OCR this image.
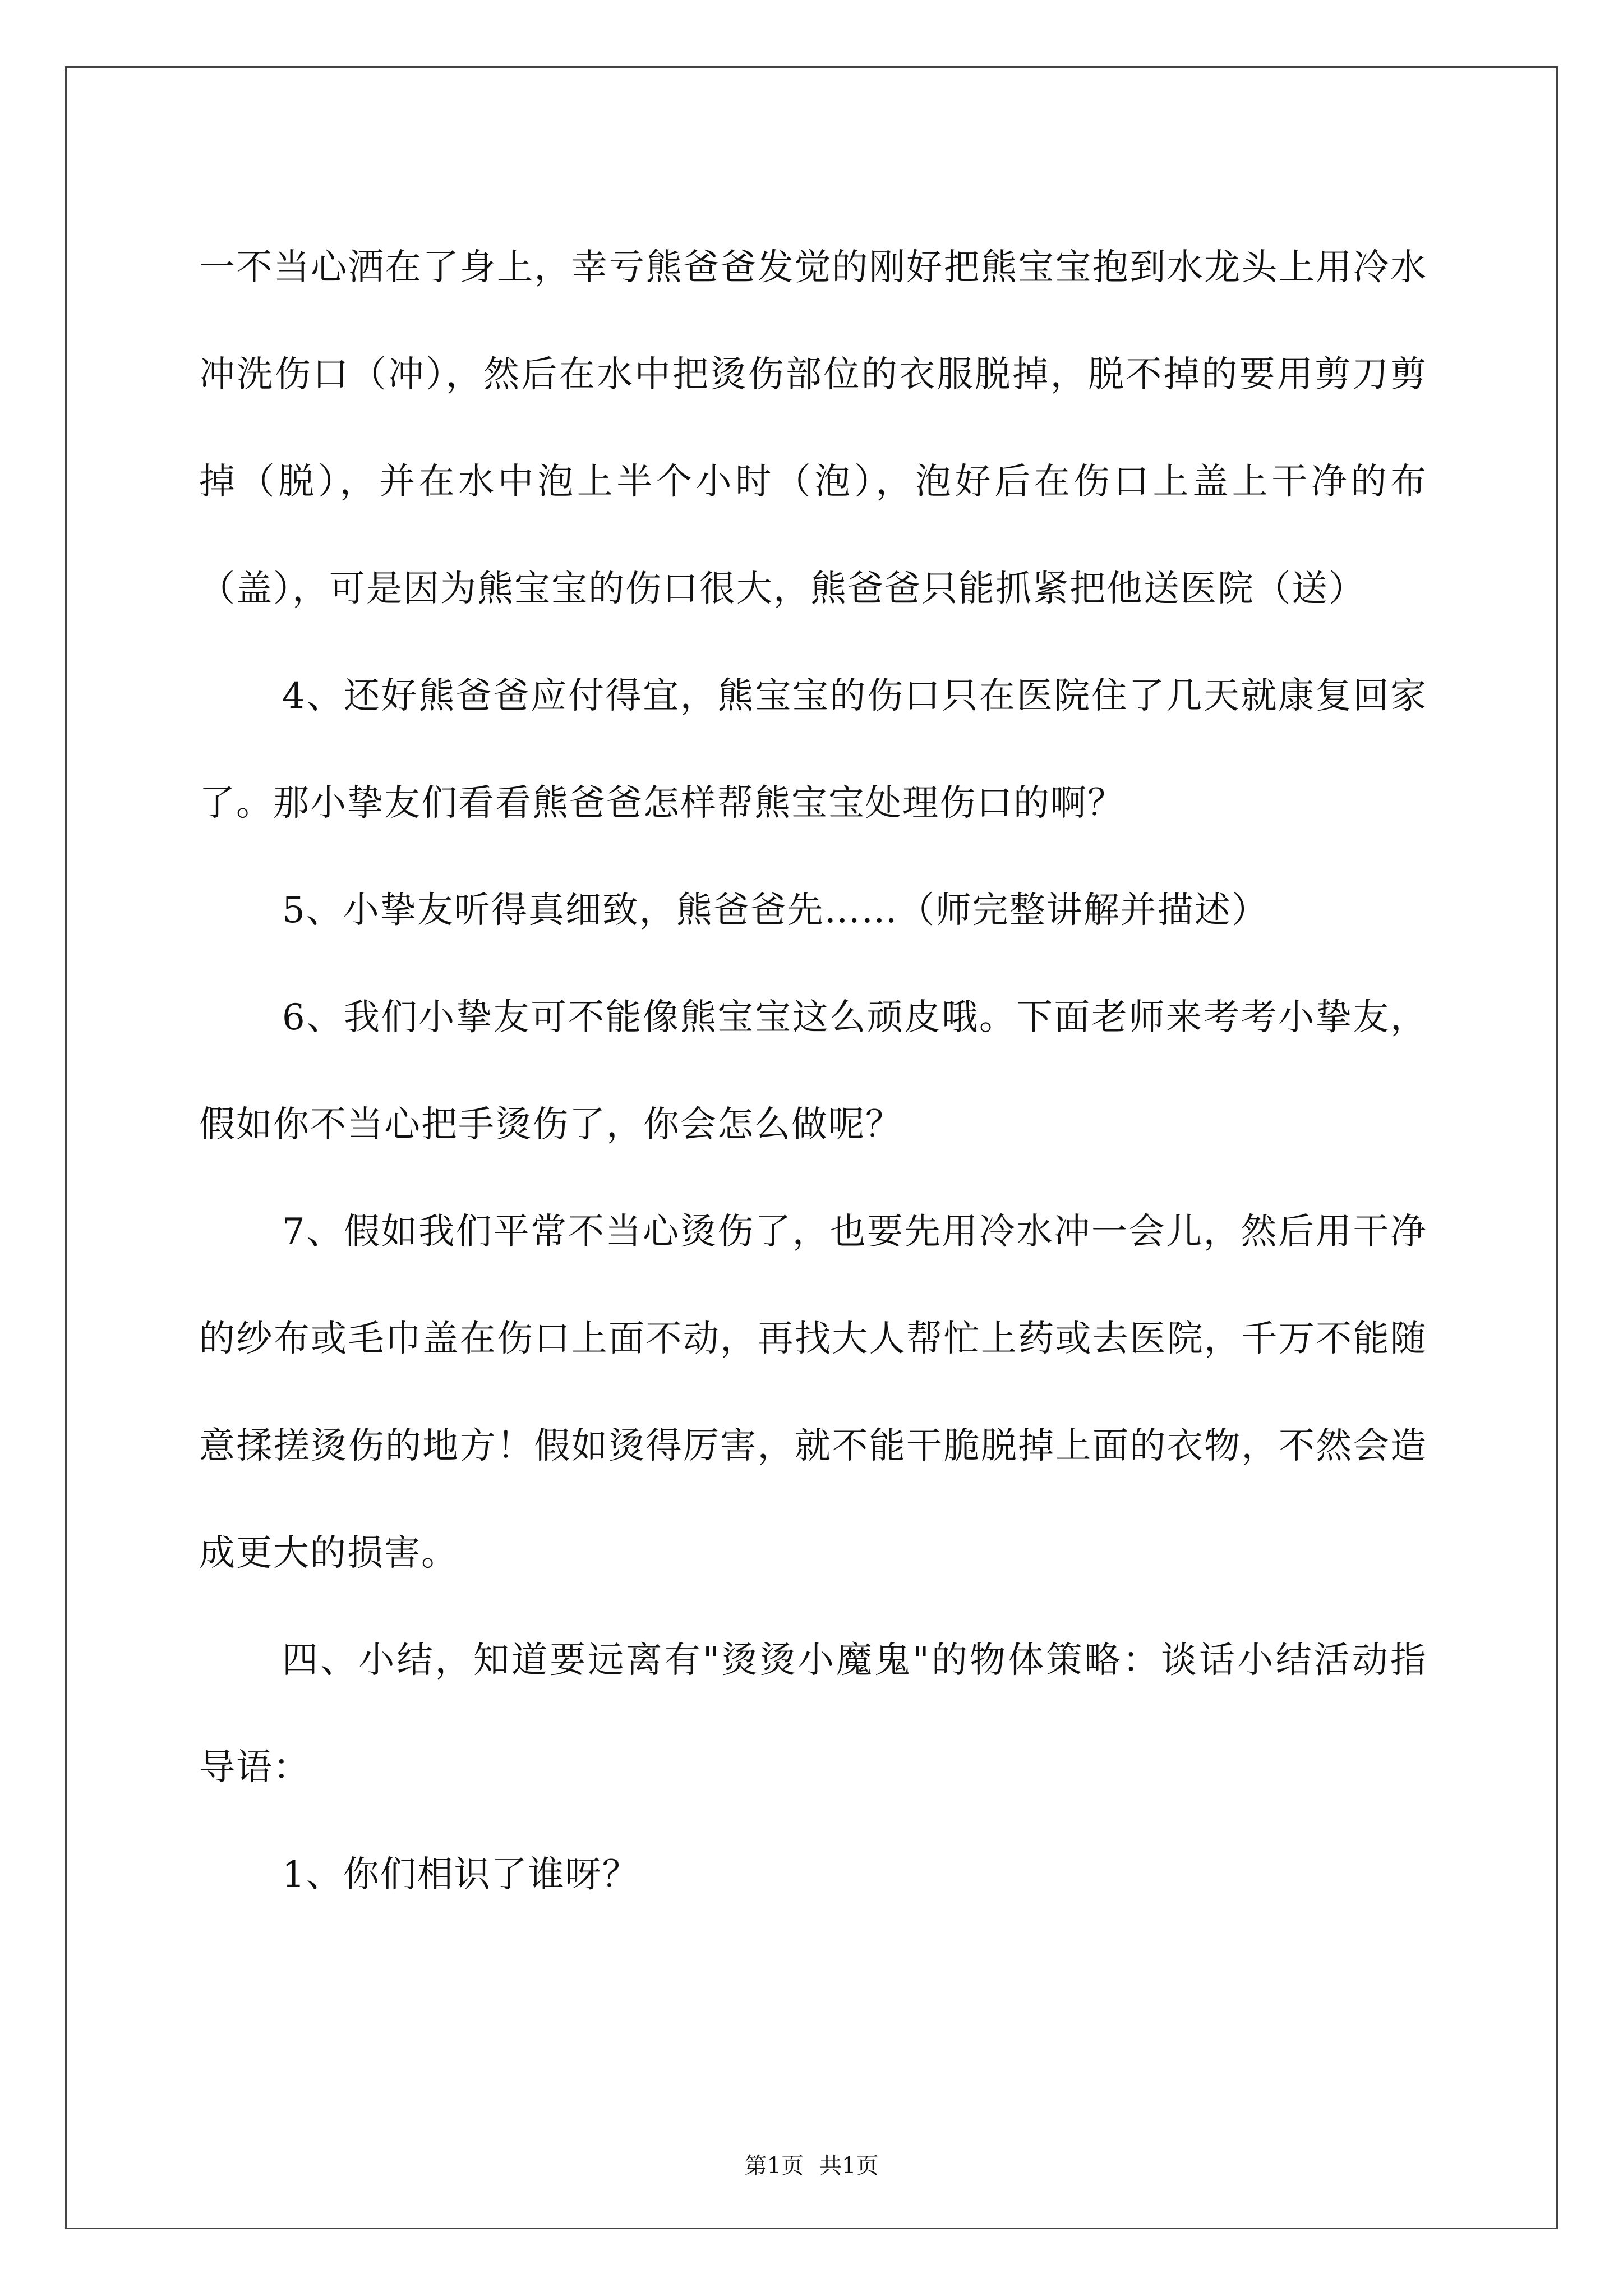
一不当心洒在了身上，幸亏熊爸爸发觉的刚好把熊宝宝抱到水龙头上用冷水冲洗伤口（冲），然后在水中把烫伤部位的衣服脱掉，脱不掉的要用剪刀剪掉（脱），并在水中泡上半个小时（泡），泡好后在伤口上盖上干净的布（盖），可是因为熊宝宝的伤口很大，熊爸爸只能抓紧把他送医院（送）

4、还好熊爸爸应付得宜，熊宝宝的伤口只在医院住了几天就康复回家了。那小挚友们看看熊爸爸怎样帮熊宝宝处理伤口的啊？

5、小挚友听得真细致，熊爸爸先……（师完整讲解并描述）

6、我们小挚友可不能像熊宝宝这么顽皮哦。下面老师来考考小挚友，假如你不当心把手烫伤了，你会怎么做呢？

7、假如我们平常不当心烫伤了，也要先用冷水冲一会儿，然后用干净的纱布或毛巾盖在伤口上面不动，再找大人帮忙上药或去医院，千万不能随意揉搓烫伤的地方！假如烫得厉害，就不能干脆脱掉上面的衣物，不然会造成更大的损害。

四、小结，知道要远离有"烫烫小魔鬼"的物体策略：谈话小结活动指导语：

1、你们相识了谁呀？

第1页 共1页
